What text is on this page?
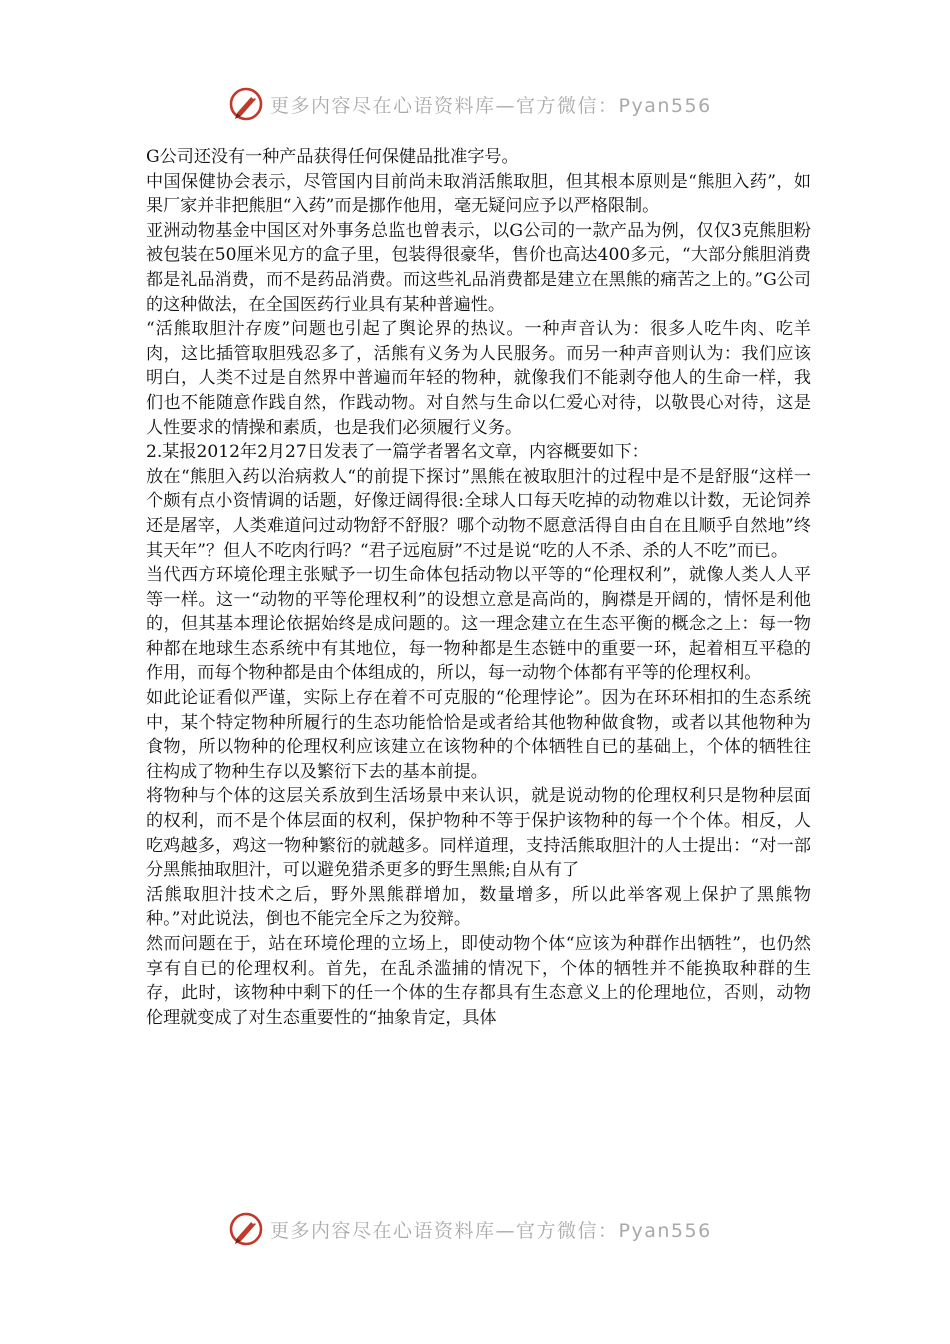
更多内容尽在心语资料库—官方微信：Pyan556

G公司还没有一种产品获得任何保健品批准字号。

中国保健协会表示，尽管国内目前尚未取消活熊取胆，但其根本原则是“熊胆入药”，如果厂家并非把熊胆“入药”而是挪作他用，毫无疑问应予以严格限制。

亚洲动物基金中国区对外事务总监也曾表示，以G公司的一款产品为例，仅仅3克熊胆粉被包装在50厘米见方的盒子里，包装得很豪华，售价也高达400多元，“大部分熊胆消费都是礼品消费，而不是药品消费。而这些礼品消费都是建立在黑熊的痛苦之上的。”G公司的这种做法，在全国医药行业具有某种普遍性。

“活熊取胆汁存废”问题也引起了舆论界的热议。一种声音认为：很多人吃牛肉、吃羊肉，这比插管取胆残忍多了，活熊有义务为人民服务。而另一种声音则认为：我们应该明白，人类不过是自然界中普遍而年轻的物种，就像我们不能剥夺他人的生命一样，我们也不能随意作践自然，作践动物。对自然与生命以仁爱心对待，以敬畏心对待，这是人性要求的情操和素质，也是我们必须履行义务。

2.某报2012年2月27日发表了一篇学者署名文章，内容概要如下：

放在“熊胆入药以治病救人“的前提下探讨”黑熊在被取胆汁的过程中是不是舒服“这样一个颇有点小资情调的话题，好像迂阔得很:全球人口每天吃掉的动物难以计数，无论饲养还是屠宰，人类难道问过动物舒不舒服？哪个动物不愿意活得自由自在且顺乎自然地”终其天年”？但人不吃肉行吗？“君子远庖厨”不过是说“吃的人不杀、杀的人不吃”而已。

当代西方环境伦理主张赋予一切生命体包括动物以平等的“伦理权利”，就像人类人人平等一样。这一“动物的平等伦理权利”的设想立意是高尚的，胸襟是开阔的，情怀是利他的，但其基本理论依据始终是成问题的。这一理念建立在生态平衡的概念之上：每一物种都在地球生态系统中有其地位，每一物种都是生态链中的重要一环，起着相互平稳的作用，而每个物种都是由个体组成的，所以，每一动物个体都有平等的伦理权利。

如此论证看似严谨，实际上存在着不可克服的“伦理悖论”。因为在环环相扣的生态系统中，某个特定物种所履行的生态功能恰恰是或者给其他物种做食物，或者以其他物种为食物，所以物种的伦理权利应该建立在该物种的个体牺牲自已的基础上，个体的牺牲往往构成了物种生存以及繁衍下去的基本前提。

将物种与个体的这层关系放到生活场景中来认识，就是说动物的伦理权利只是物种层面的权利，而不是个体层面的权利，保护物种不等于保护该物种的每一个个体。相反，人吃鸡越多，鸡这一物种繁衍的就越多。同样道理，支持活熊取胆汁的人士提出：“对一部分黑熊抽取胆汁，可以避免猎杀更多的野生黑熊;自从有了

活熊取胆汁技术之后，野外黑熊群增加，数量增多，所以此举客观上保护了黑熊物种。”对此说法，倒也不能完全斥之为狡辩。

然而问题在于，站在环境伦理的立场上，即使动物个体“应该为种群作出牺牲”，也仍然享有自已的伦理权利。首先，在乱杀滥捕的情况下，个体的牺牲并不能换取种群的生存，此时，该物种中剩下的任一个体的生存都具有生态意义上的伦理地位，否则，动物伦理就变成了对生态重要性的“抽象肯定，具体

更多内容尽在心语资料库—官方微信：Pyan556
